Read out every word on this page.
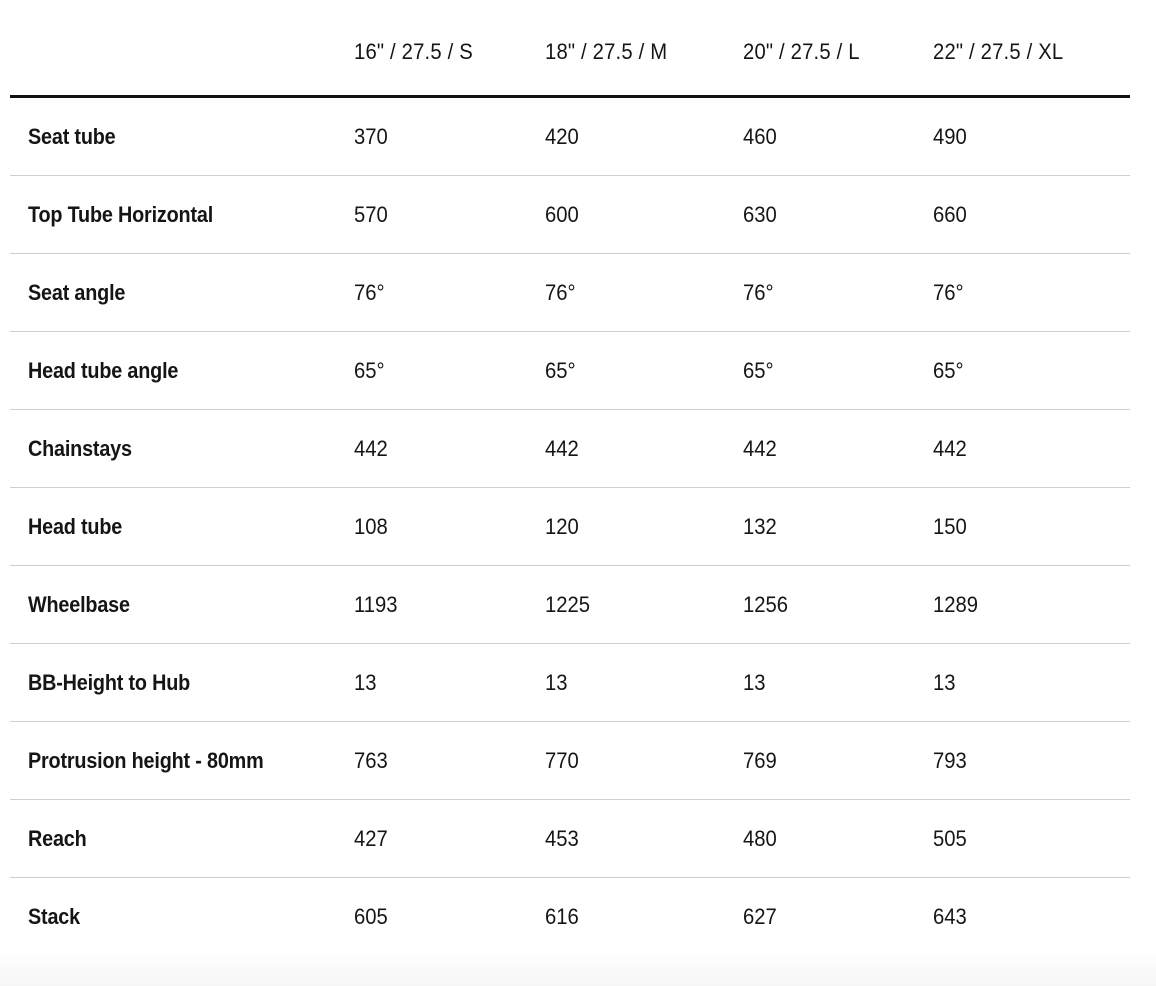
	16" / 27.5 / S	18" / 27.5 / M	20" / 27.5 / L	22" / 27.5 / XL
Seat tube	370	420	460	490
Top Tube Horizontal	570	600	630	660
Seat angle	76°	76°	76°	76°
Head tube angle	65°	65°	65°	65°
Chainstays	442	442	442	442
Head tube	108	120	132	150
Wheelbase	1193	1225	1256	1289
BB-Height to Hub	13	13	13	13
Protrusion height - 80mm	763	770	769	793
Reach	427	453	480	505
Stack	605	616	627	643
